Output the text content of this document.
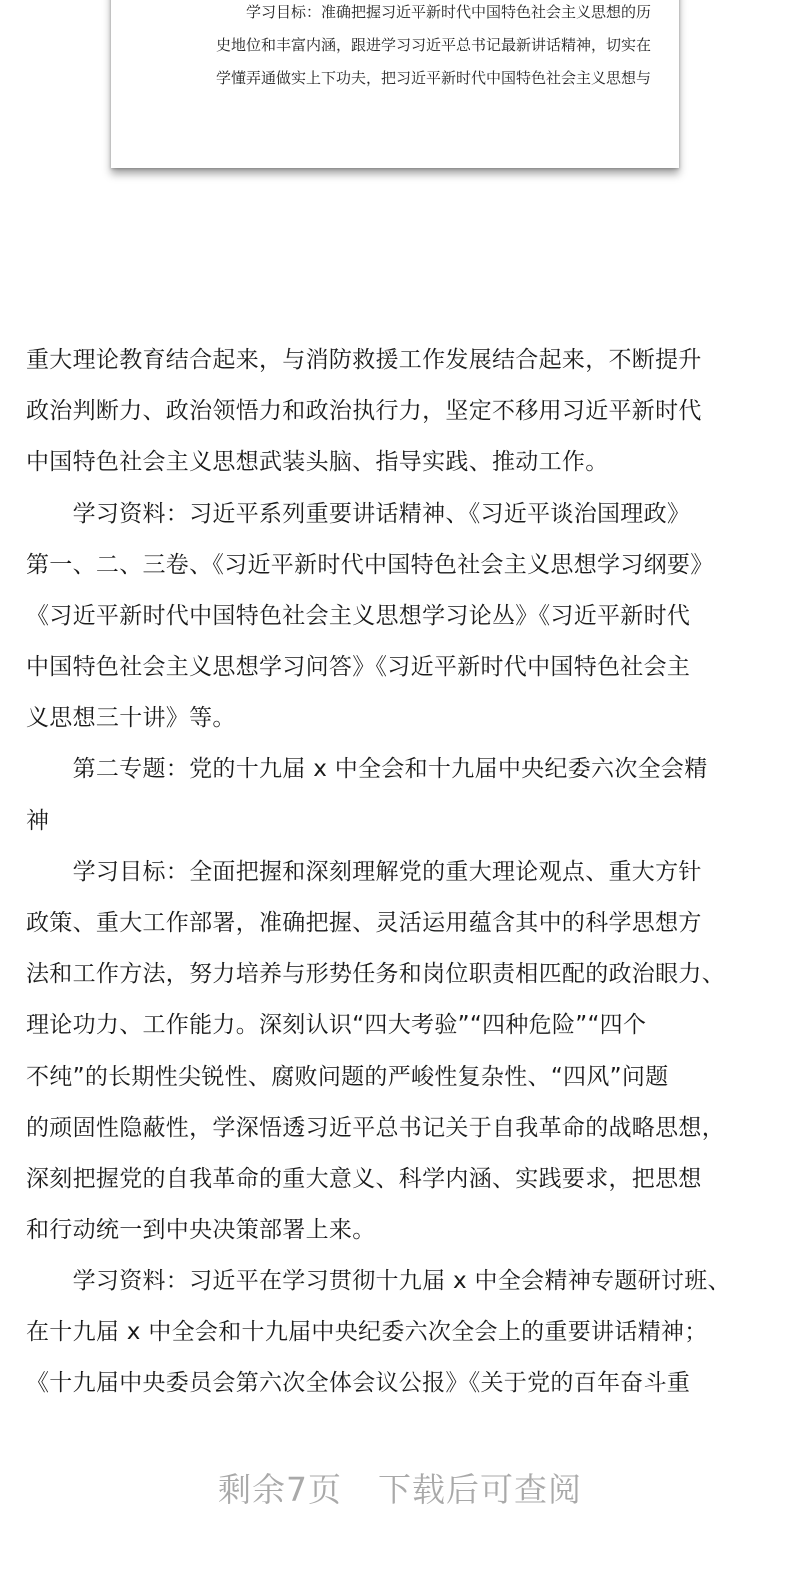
学习目标：准确把握习近平新时代中国特色社会主义思想的历
史地位和丰富内涵，跟进学习习近平总书记最新讲话精神，切实在
学懂弄通做实上下功夫，把习近平新时代中国特色社会主义思想与
重大理论教育结合起来，与消防救援工作发展结合起来，不断提升
政治判断力、政治领悟力和政治执行力，坚定不移用习近平新时代
中国特色社会主义思想武装头脑、指导实践、推动工作。
　　学习资料：习近平系列重要讲话精神、《习近平谈治国理政》
第一、二、三卷、《习近平新时代中国特色社会主义思想学习纲要》
《习近平新时代中国特色社会主义思想学习论丛》《习近平新时代
中国特色社会主义思想学习问答》《习近平新时代中国特色社会主
义思想三十讲》等。
　　第二专题：党的十九届 x 中全会和十九届中央纪委六次全会精
神
　　学习目标：全面把握和深刻理解党的重大理论观点、重大方针
政策、重大工作部署，准确把握、灵活运用蕴含其中的科学思想方
法和工作方法，努力培养与形势任务和岗位职责相匹配的政治眼力、
理论功力、工作能力。深刻认识“四大考验”“四种危险”“四个
不纯”的长期性尖锐性、腐败问题的严峻性复杂性、“四风”问题
的顽固性隐蔽性，学深悟透习近平总书记关于自我革命的战略思想，
深刻把握党的自我革命的重大意义、科学内涵、实践要求，把思想
和行动统一到中央决策部署上来。
　　学习资料：习近平在学习贯彻十九届 x 中全会精神专题研讨班、
在十九届 x 中全会和十九届中央纪委六次全会上的重要讲话精神；
《十九届中央委员会第六次全体会议公报》《关于党的百年奋斗重
剩余7页 下载后可查阅
